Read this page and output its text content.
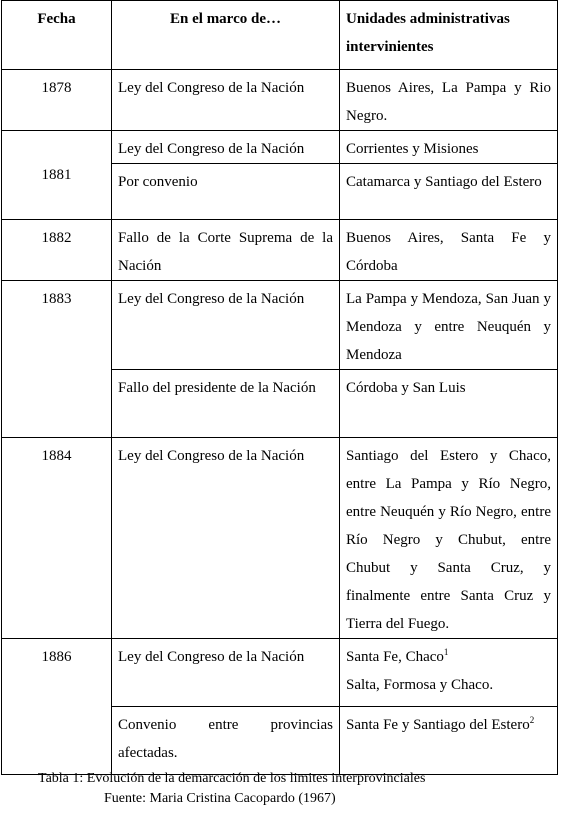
Fecha	En el marco de…	Unidades administrativas intervinientes
1878	Ley del Congreso de la Nación	Buenos Aires, La Pampa y Rio Negro.
1881	Ley del Congreso de la Nación	Corrientes y Misiones
	Por convenio	Catamarca y Santiago del Estero
1882	Fallo de la Corte Suprema de la Nación	Buenos Aires, Santa Fe y Córdoba
1883	Ley del Congreso de la Nación	La Pampa y Mendoza, San Juan y Mendoza y entre Neuquén y Mendoza
	Fallo del presidente de la Nación	Córdoba y San Luis
1884	Ley del Congreso de la Nación	Santiago del Estero y Chaco, entre La Pampa y Río Negro, entre Neuquén y Río Negro, entre Río Negro y Chubut, entre Chubut y Santa Cruz, y finalmente entre Santa Cruz y Tierra del Fuego.
1886	Ley del Congreso de la Nación	Santa Fe, Chaco$^1$
Salta, Formosa y Chaco.

	Convenio entre provincias afectadas.	Santa Fe y Santiago del Estero$^2$
Tabla 1: Evolución de la demarcación de los limites interprovinciales
Fuente: Maria Cristina Cacopardo (1967)
